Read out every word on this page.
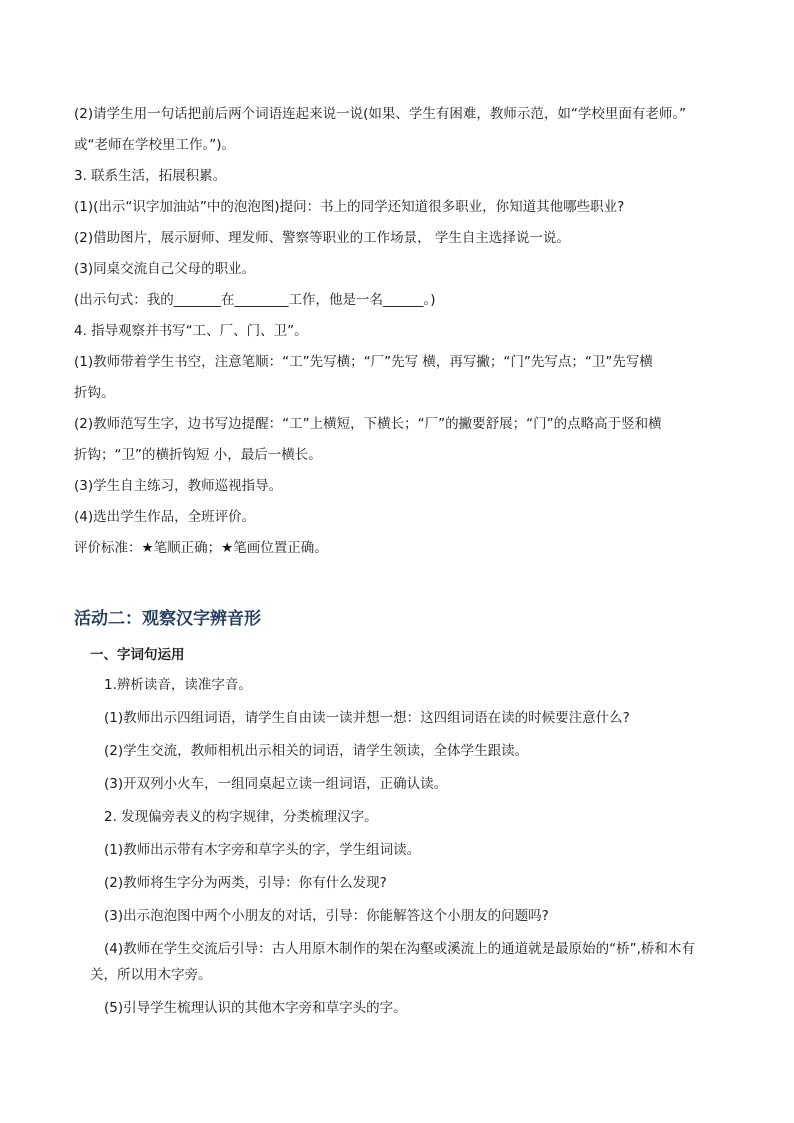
(2)请学生用一句话把前后两个词语连起来说一说(如果、学生有困难，教师示范，如“学校里面有老师。”
或“老师在学校里工作。”)。
3. 联系生活，拓展积累。
(1)(出示“识字加油站”中的泡泡图)提问：书上的同学还知道很多职业，你知道其他哪些职业?
(2)借助图片，展示厨师、理发师、警察等职业的工作场景， 学生自主选择说一说。
(3)同桌交流自己父母的职业。
(出示句式：我的_______在________工作，他是一名______。)
4. 指导观察并书写“工、厂、门、卫”。
(1)教师带着学生书空，注意笔顺：“工”先写横；“厂”先写 横，再写撇；“门”先写点；“卫”先写横
折钩。
(2)教师范写生字，边书写边提醒：“工”上横短，下横长；“厂”的撇要舒展；“门”的点略高于竖和横
折钩；“卫”的横折钩短 小，最后一横长。
(3)学生自主练习，教师巡视指导。
(4)选出学生作品，全班评价。
评价标准：★笔顺正确；★笔画位置正确。
活动二：观察汉字辨音形
一、字词句运用
1.辨析读音，读准字音。
(1)教师出示四组词语，请学生自由读一读并想一想：这四组词语在读的时候要注意什么?
(2)学生交流，教师相机出示相关的词语，请学生领读，全体学生跟读。
(3)开双列小火车，一组同桌起立读一组词语，正确认读。
2. 发现偏旁表义的构字规律，分类梳理汉字。
(1)教师出示带有木字旁和草字头的字，学生组词读。
(2)教师将生字分为两类，引导：你有什么发现?
(3)出示泡泡图中两个小朋友的对话，引导：你能解答这个小朋友的问题吗?
(4)教师在学生交流后引导：古人用原木制作的架在沟壑或溪流上的通道就是最原始的“桥”,桥和木有
关，所以用木字旁。
(5)引导学生梳理认识的其他木字旁和草字头的字。
